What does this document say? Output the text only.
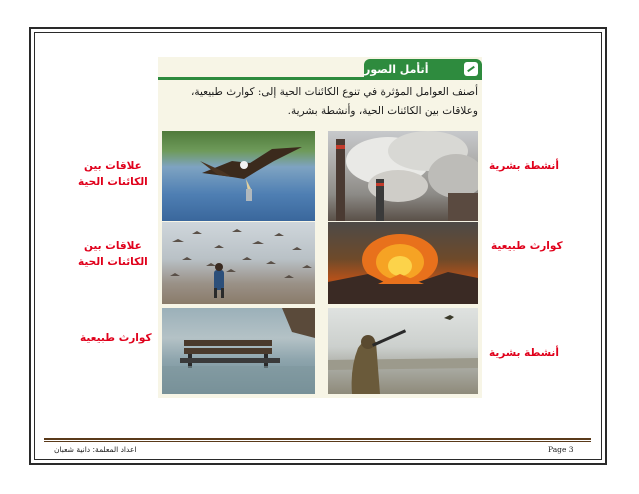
أتأمل الصور
أصنف العوامل المؤثرة في تنوع الكائنات الحية إلى: كوارث طبيعية، وعلاقات بين الكائنات الحية، وأنشطة بشرية.
علاقات بين
الكائنات الحية
أنشطة بشرية
علاقات بين
الكائنات الحية
كوارث طبيعية
كوارث طبيعية
أنشطة بشرية
اعداد المعلمة: دانية شعبان	Page 3
